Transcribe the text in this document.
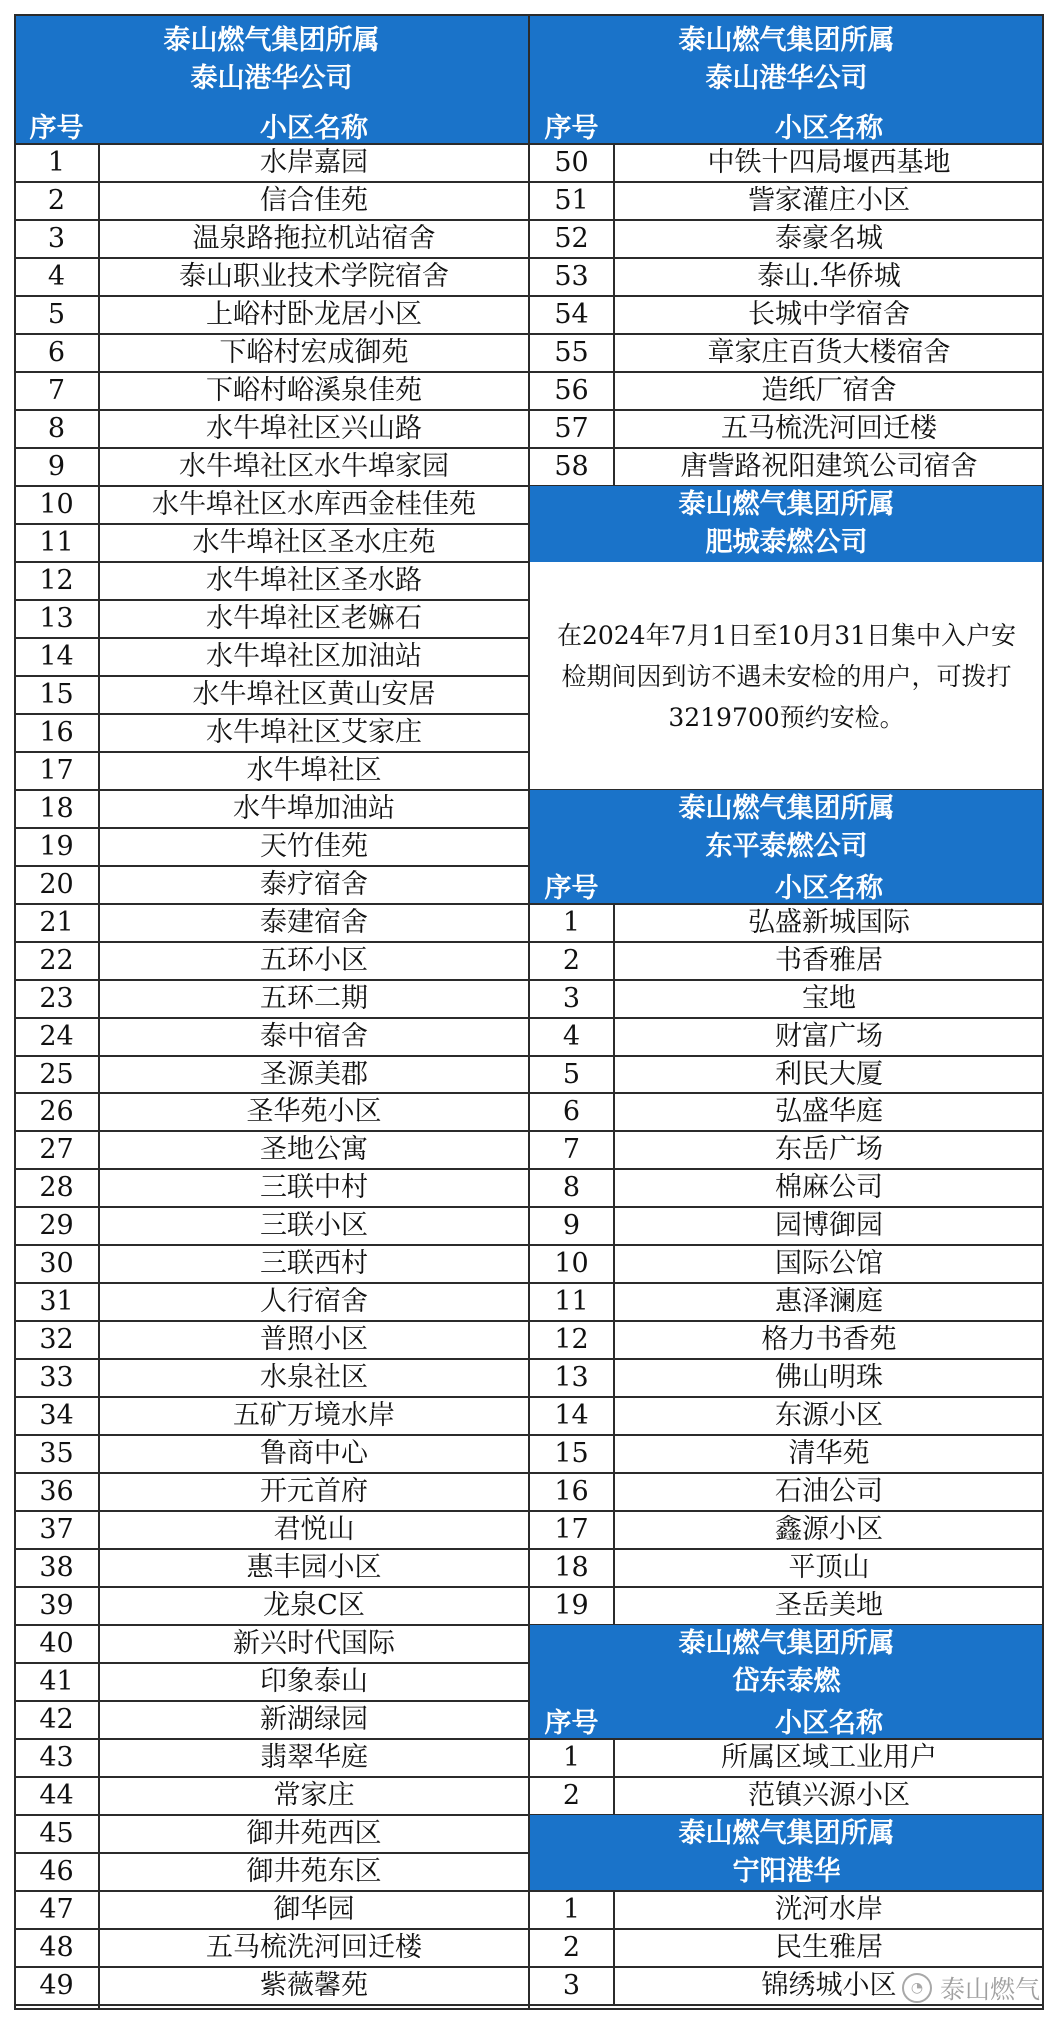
泰山燃气集团所属
泰山港华公司
序号	小区名称
1	水岸嘉园
2	信合佳苑
3	温泉路拖拉机站宿舍
4	泰山职业技术学院宿舍
5	上峪村卧龙居小区
6	下峪村宏成御苑
7	下峪村峪溪泉佳苑
8	水牛埠社区兴山路
9	水牛埠社区水牛埠家园
10	水牛埠社区水库西金桂佳苑
11	水牛埠社区圣水庄苑
12	水牛埠社区圣水路
13	水牛埠社区老嫲石
14	水牛埠社区加油站
15	水牛埠社区黄山安居
16	水牛埠社区艾家庄
17	水牛埠社区
18	水牛埠加油站
19	天竹佳苑
20	泰疗宿舍
21	泰建宿舍
22	五环小区
23	五环二期
24	泰中宿舍
25	圣源美郡
26	圣华苑小区
27	圣地公寓
28	三联中村
29	三联小区
30	三联西村
31	人行宿舍
32	普照小区
33	水泉社区
34	五矿万境水岸
35	鲁商中心
36	开元首府
37	君悦山
38	惠丰园小区
39	龙泉C区
40	新兴时代国际
41	印象泰山
42	新湖绿园
43	翡翠华庭
44	常家庄
45	御井苑西区
46	御井苑东区
47	御华园
48	五马梳洗河回迁楼
49	紫薇馨苑
泰山燃气集团所属
泰山港华公司
序号	小区名称
50	中铁十四局堰西基地
51	訾家灌庄小区
52	泰豪名城
53	泰山.华侨城
54	长城中学宿舍
55	章家庄百货大楼宿舍
56	造纸厂宿舍
57	五马梳洗河回迁楼
58	唐訾路祝阳建筑公司宿舍
泰山燃气集团所属
肥城泰燃公司
在2024年7月1日至10月31日集中入户安检期间因到访不遇未安检的用户，可拨打3219700预约安检。
泰山燃气集团所属
东平泰燃公司
序号	小区名称
1	弘盛新城国际
2	书香雅居
3	宝地
4	财富广场
5	利民大厦
6	弘盛华庭
7	东岳广场
8	棉麻公司
9	园博御园
10	国际公馆
11	惠泽澜庭
12	格力书香苑
13	佛山明珠
14	东源小区
15	清华苑
16	石油公司
17	鑫源小区
18	平顶山
19	圣岳美地
泰山燃气集团所属
岱东泰燃
序号	小区名称
1	所属区域工业用户
2	范镇兴源小区
泰山燃气集团所属
宁阳港华
1	洸河水岸
2	民生雅居
3	锦绣城小区	◔ 泰山燃气
